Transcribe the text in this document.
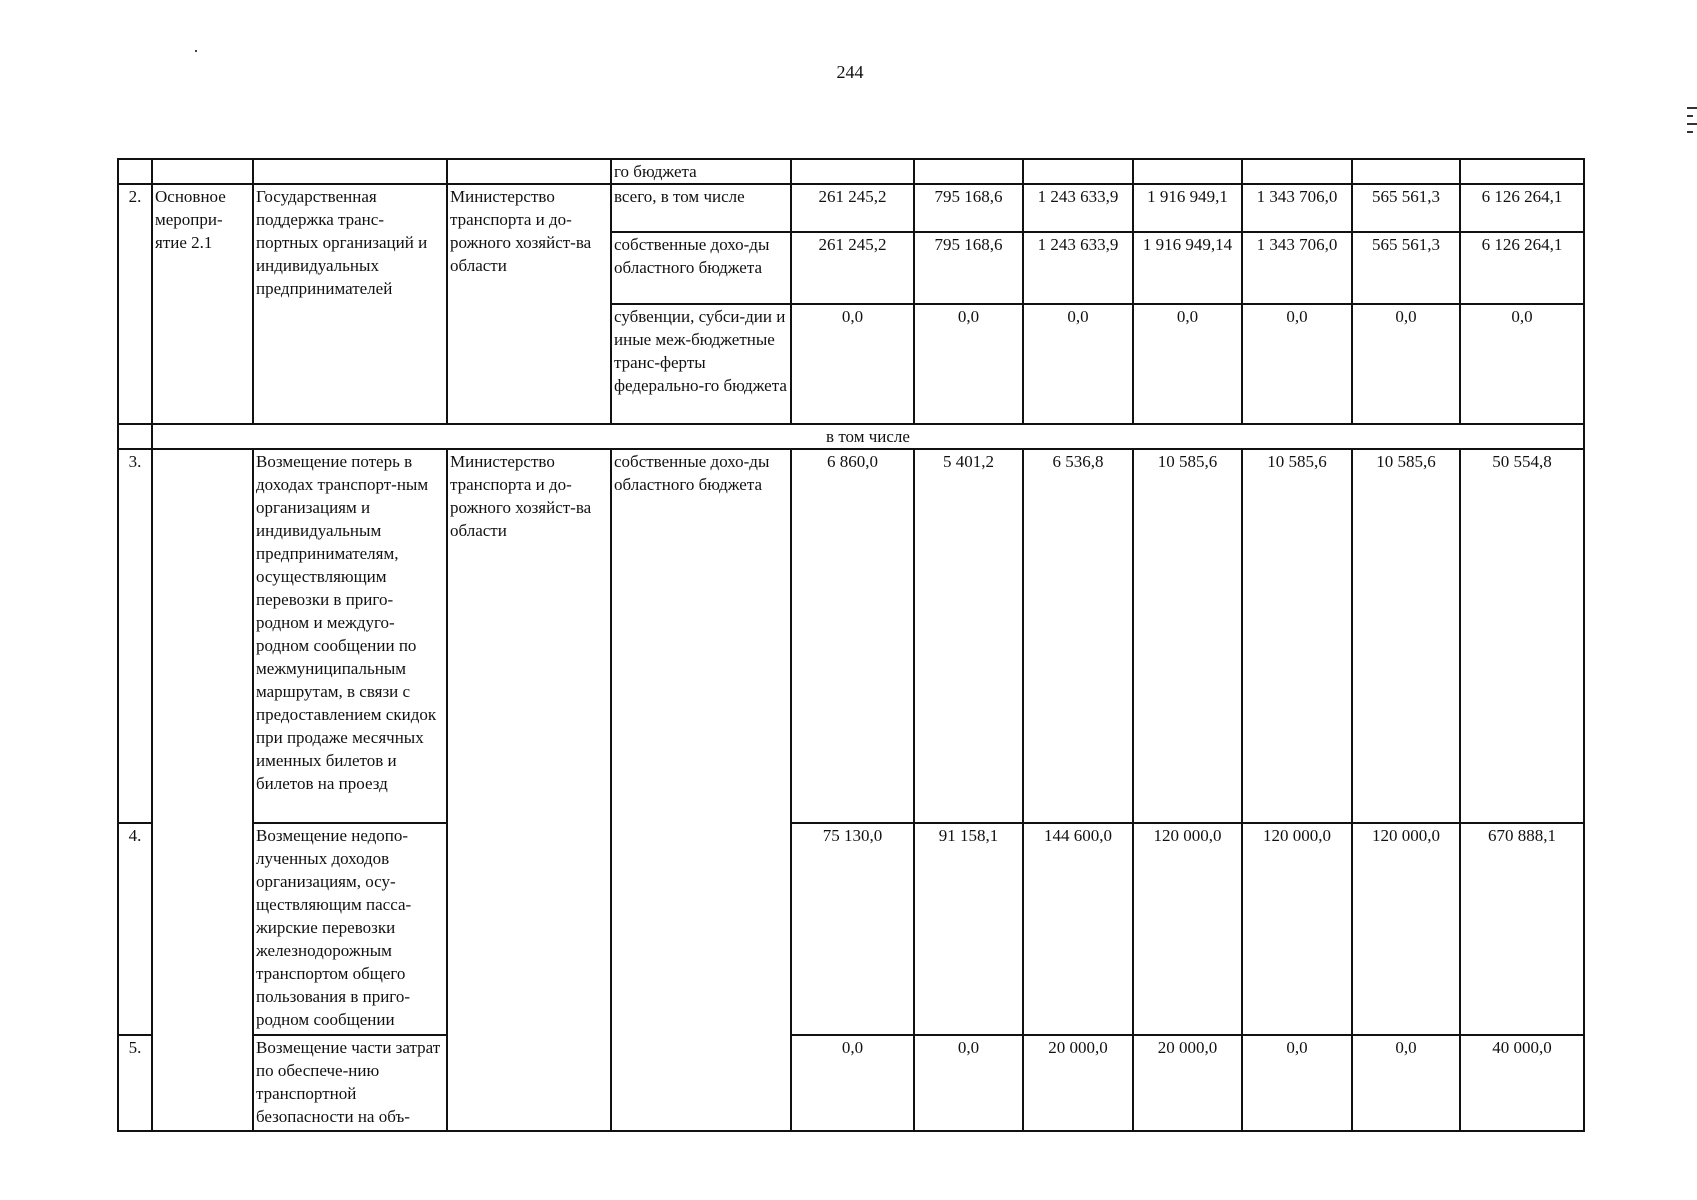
244
				го бюджета							
2.	Основное меропри-ятие 2.1	Государственная поддержка транс-портных организаций и индивидуальных предпринимателей	Министерство транспорта и до-рожного хозяйст-ва области	всего, в том числе	261 245,2	795 168,6	1 243 633,9	1 916 949,1	1 343 706,0	565 561,3	6 126 264,1
				собственные дохо-ды областного бюджета	261 245,2	795 168,6	1 243 633,9	1 916 949,14	1 343 706,0	565 561,3	6 126 264,1
				субвенции, субси-дии и иные меж-бюджетные транс-ферты федерально-го бюджета	0,0	0,0	0,0	0,0	0,0	0,0	0,0
	в том числе										
3.		Возмещение потерь в доходах транспорт-ным организациям и индивидуальным предпринимателям, осуществляющим перевозки в приго-родном и междуго-родном сообщении по межмуниципальным маршрутам, в связи с предоставлением скидок при продаже месячных именных билетов и билетов на проезд	Министерство транспорта и до-рожного хозяйст-ва области	собственные дохо-ды областного бюджета	6 860,0	5 401,2	6 536,8	10 585,6	10 585,6	10 585,6	50 554,8
4.		Возмещение недопо-лученных доходов организациям, осу-ществляющим пасса-жирские перевозки железнодорожным транспортом общего пользования в приго-родном сообщении			75 130,0	91 158,1	144 600,0	120 000,0	120 000,0	120 000,0	670 888,1
5.		Возмещение части затрат по обеспече-нию транспортной безопасности на объ-			0,0	0,0	20 000,0	20 000,0	0,0	0,0	40 000,0
